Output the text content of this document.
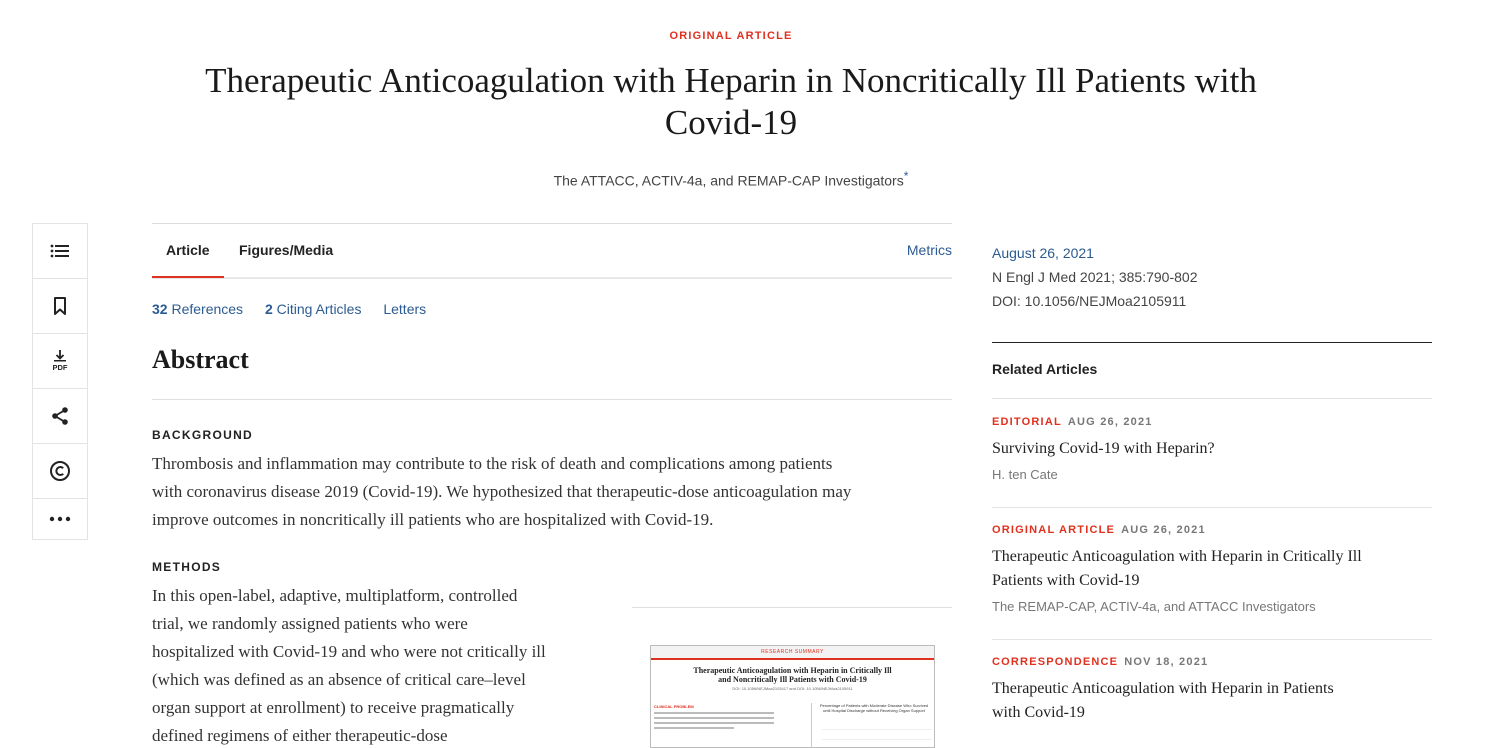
ORIGINAL ARTICLE
Therapeutic Anticoagulation with Heparin in Noncritically Ill Patients with Covid-19
The ATTACC, ACTIV-4a, and REMAP-CAP Investigators*
PDF
Article Figures/Media	Metrics
32 References 2 Citing Articles Letters
Abstract
BACKGROUND
Thrombosis and inflammation may contribute to the risk of death and complications among patients
with coronavirus disease 2019 (Covid-19). We hypothesized that therapeutic-dose anticoagulation may
improve outcomes in noncritically ill patients who are hospitalized with Covid-19.
METHODS
In this open-label, adaptive, multiplatform, controlled
trial, we randomly assigned patients who were
hospitalized with Covid-19 and who were not critically ill
(which was defined as an absence of critical care–level
organ support at enrollment) to receive pragmatically
defined regimens of either therapeutic-dose
RESEARCH SUMMARY
Therapeutic Anticoagulation with Heparin in Critically Ill
and Noncritically Ill Patients with Covid-19
DOI: 10.1056/NEJMoa2103417 and DOI: 10.1056/NEJMoa2105911
CLINICAL PROBLEM	Percentage of Patients with Moderate Disease Who Survived until Hospital Discharge without Receiving Organ Support
August 26, 2021
N Engl J Med 2021; 385:790-802
DOI: 10.1056/NEJMoa2105911
Related Articles
EDITORIAL AUG 26, 2021
Surviving Covid-19 with Heparin?
H. ten Cate
ORIGINAL ARTICLE AUG 26, 2021
Therapeutic Anticoagulation with Heparin in Critically Ill
Patients with Covid-19
The REMAP-CAP, ACTIV-4a, and ATTACC Investigators
CORRESPONDENCE NOV 18, 2021
Therapeutic Anticoagulation with Heparin in Patients
with Covid-19
